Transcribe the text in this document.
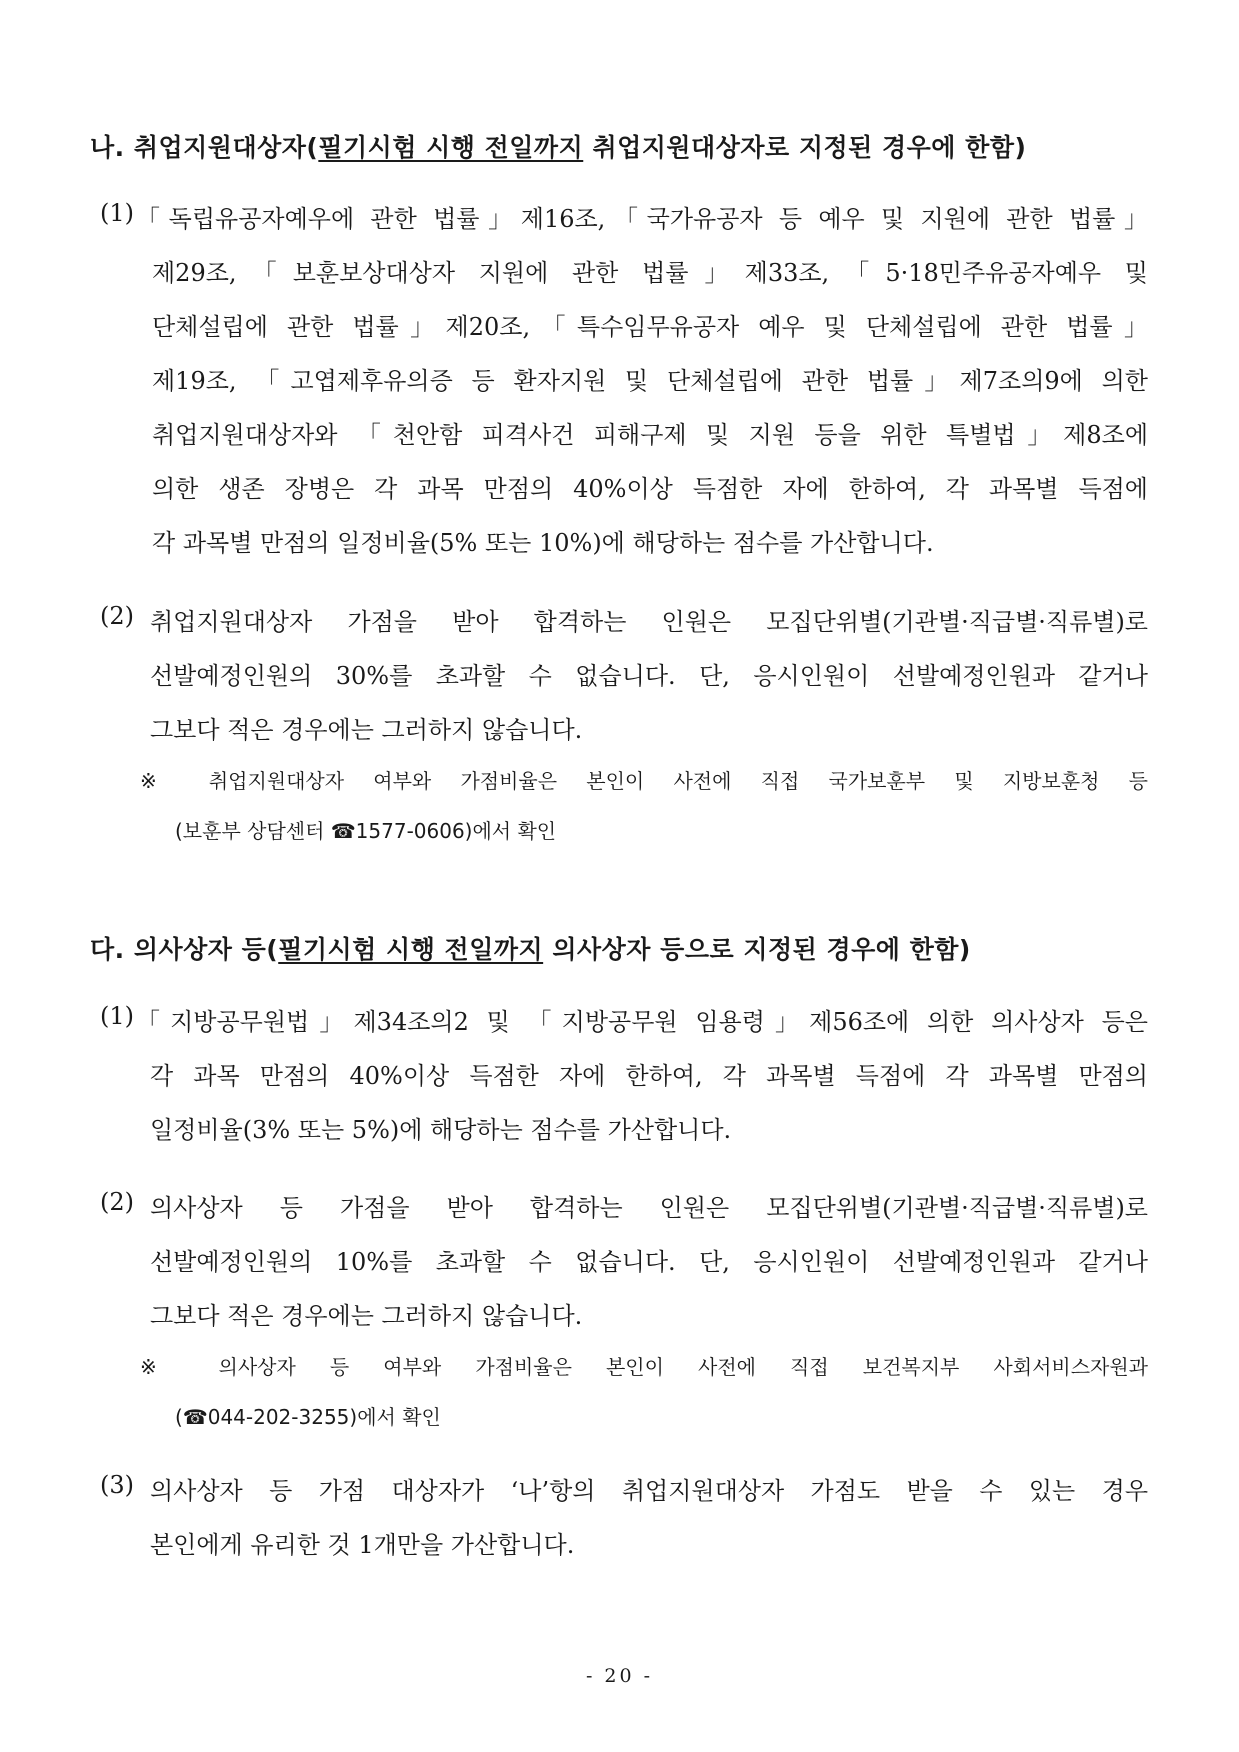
나. 취업지원대상자(필기시험 시행 전일까지 취업지원대상자로 지정된 경우에 한함)
(1) 「독립유공자예우에 관한 법률」제16조,「국가유공자 등 예우 및 지원에 관한 법률」
제29조,「보훈보상대상자 지원에 관한 법률」제33조,「5·18민주유공자예우 및
단체설립에 관한 법률」제20조,「특수임무유공자 예우 및 단체설립에 관한 법률」
제19조, 「고엽제후유의증 등 환자지원 및 단체설립에 관한 법률」제7조의9에 의한
취업지원대상자와 「천안함 피격사건 피해구제 및 지원 등을 위한 특별법」제8조에
의한 생존 장병은 각 과목 만점의 40%이상 득점한 자에 한하여, 각 과목별 득점에
각 과목별 만점의 일정비율(5% 또는 10%)에 해당하는 점수를 가산합니다.
(2) 취업지원대상자 가점을 받아 합격하는 인원은 모집단위별(기관별·직급별·직류별)로
선발예정인원의 30%를 초과할 수 없습니다. 단, 응시인원이 선발예정인원과 같거나
그보다 적은 경우에는 그러하지 않습니다.
※ 취업지원대상자 여부와 가점비율은 본인이 사전에 직접 국가보훈부 및 지방보훈청 등
(보훈부 상담센터 ☎1577-0606)에서 확인
다. 의사상자 등(필기시험 시행 전일까지 의사상자 등으로 지정된 경우에 한함)
(1) 「지방공무원법」제34조의2 및 「지방공무원 임용령」제56조에 의한 의사상자 등은
각 과목 만점의 40%이상 득점한 자에 한하여, 각 과목별 득점에 각 과목별 만점의
일정비율(3% 또는 5%)에 해당하는 점수를 가산합니다.
(2) 의사상자 등 가점을 받아 합격하는 인원은 모집단위별(기관별·직급별·직류별)로
선발예정인원의 10%를 초과할 수 없습니다. 단, 응시인원이 선발예정인원과 같거나
그보다 적은 경우에는 그러하지 않습니다.
※ 의사상자 등 여부와 가점비율은 본인이 사전에 직접 보건복지부 사회서비스자원과
(☎044-202-3255)에서 확인
(3) 의사상자 등 가점 대상자가 ‘나’항의 취업지원대상자 가점도 받을 수 있는 경우
본인에게 유리한 것 1개만을 가산합니다.
- 20 -
